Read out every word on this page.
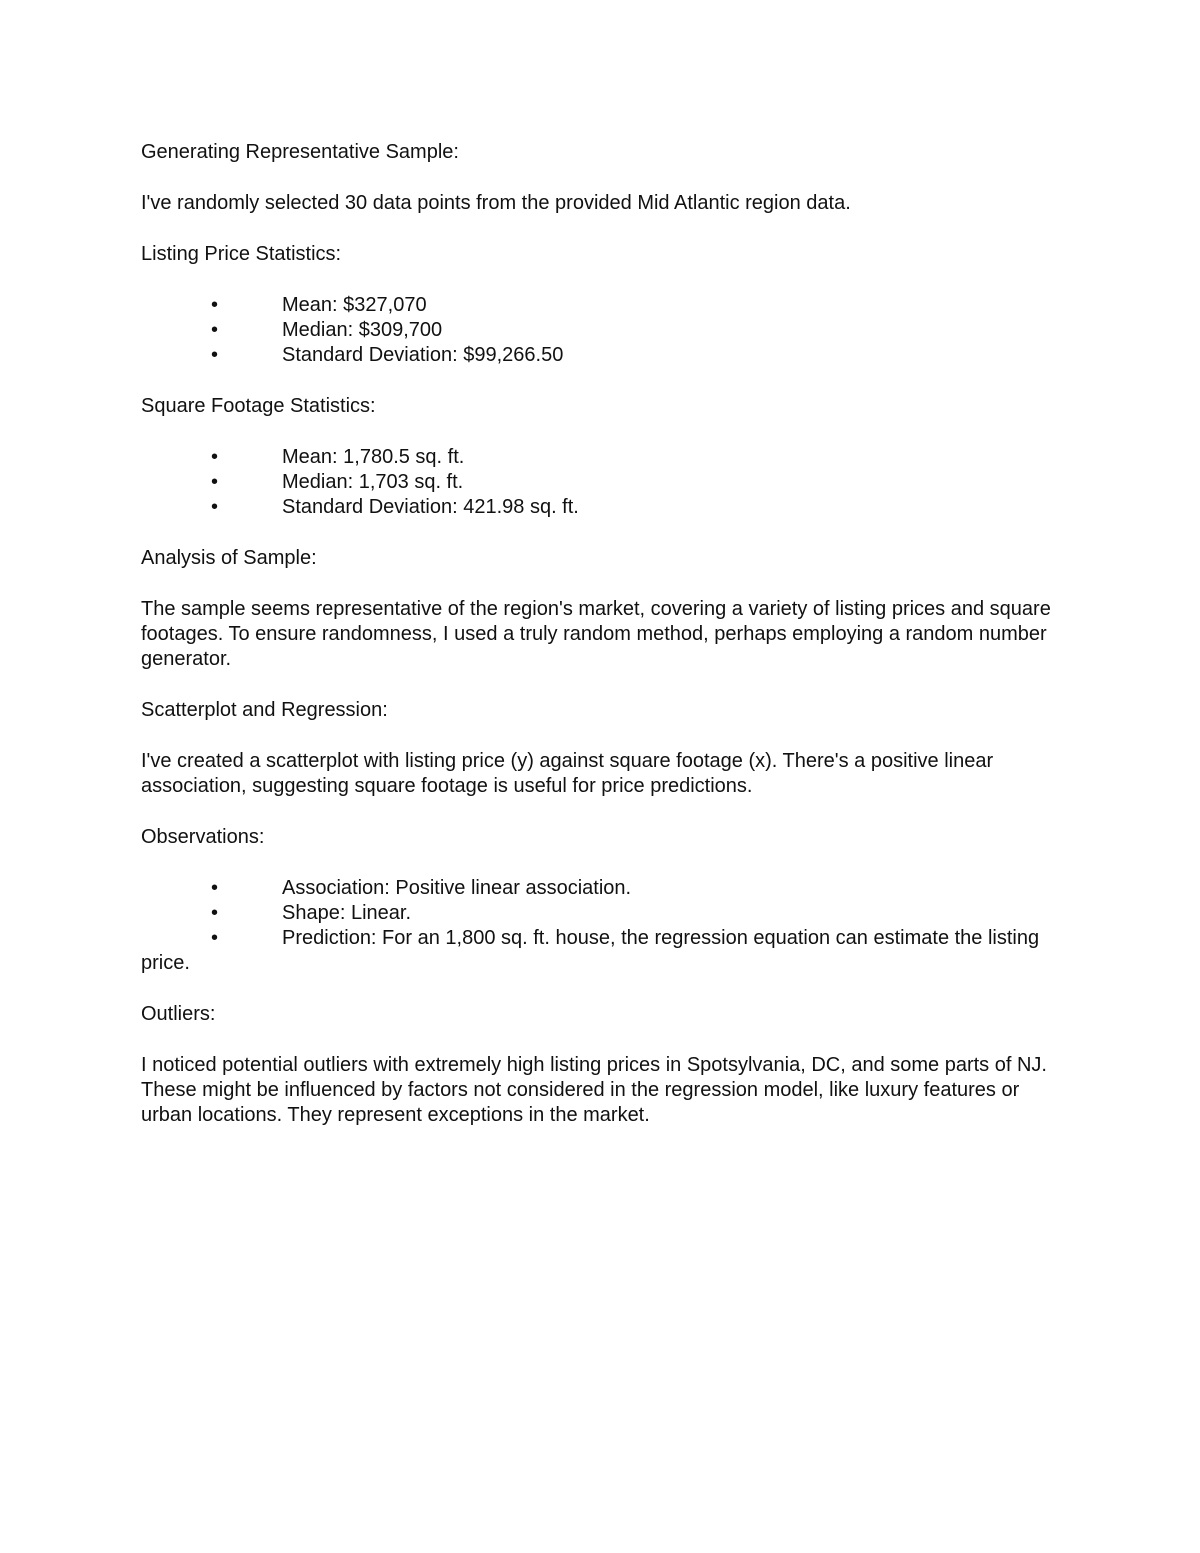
Generating Representative Sample:

I've randomly selected 30 data points from the provided Mid Atlantic region data.

Listing Price Statistics:

•	Mean: $327,070
•	Median: $309,700
•	Standard Deviation: $99,266.50

Square Footage Statistics:

•	Mean: 1,780.5 sq. ft.
•	Median: 1,703 sq. ft.
•	Standard Deviation: 421.98 sq. ft.

Analysis of Sample:

The sample seems representative of the region's market, covering a variety of listing prices and square footages. To ensure randomness, I used a truly random method, perhaps employing a random number generator.

Scatterplot and Regression:

I've created a scatterplot with listing price (y) against square footage (x). There's a positive linear association, suggesting square footage is useful for price predictions.

Observations:

•	Association: Positive linear association.
•	Shape: Linear.

•	Prediction: For an 1,800 sq. ft. house, the regression equation can estimate the listing price.

Outliers:

I noticed potential outliers with extremely high listing prices in Spotsylvania, DC, and some parts of NJ. These might be influenced by factors not considered in the regression model, like luxury features or urban locations. They represent exceptions in the market.
